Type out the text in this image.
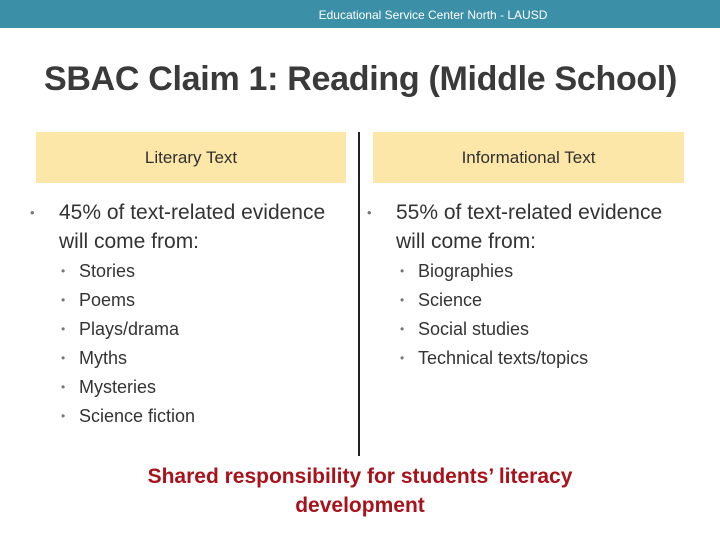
Educational Service Center North - LAUSD
SBAC Claim 1: Reading (Middle School)
Literary Text
•	45% of text-related evidence will come from:
• Stories
• Poems
• Plays/drama
• Myths
• Mysteries
• Science fiction
Informational Text
•	55% of text-related evidence will come from:
• Biographies
• Science
• Social studies
• Technical texts/topics
Shared responsibility for students’ literacy
development
